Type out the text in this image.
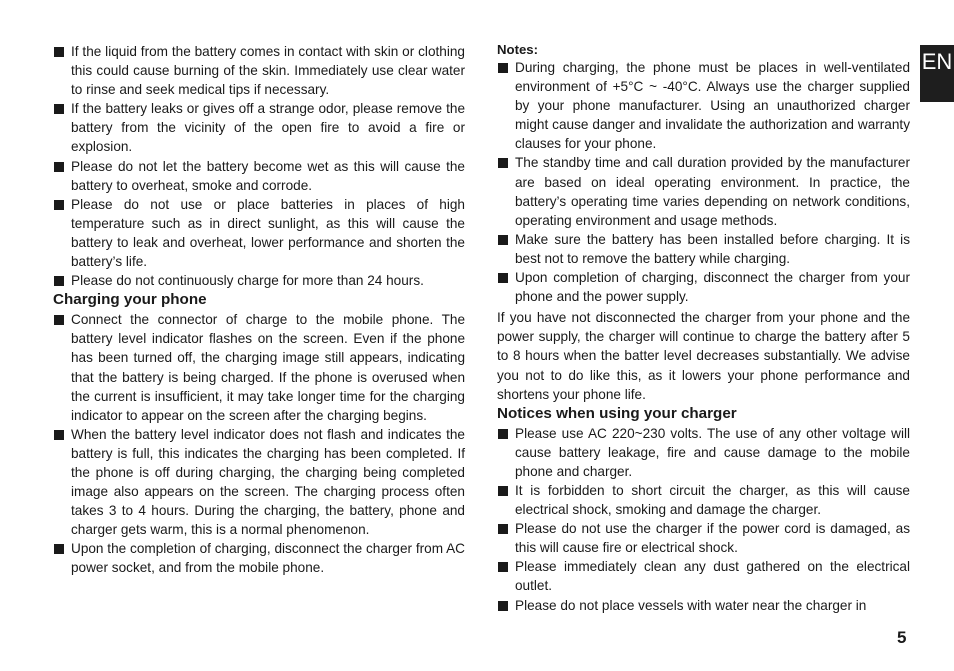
If the liquid from the battery comes in contact with skin or clothing this could cause burning of the skin. Immediately use clear water to rinse and seek medical tips if necessary.
If the battery leaks or gives off a strange odor, please remove the battery from the vicinity of the open fire to avoid a fire or explosion.
Please do not let the battery become wet as this will cause the battery to overheat, smoke and corrode.
Please do not use or place batteries in places of high temperature such as in direct sunlight, as this will cause the battery to leak and overheat, lower performance and shorten the battery’s life.
Please do not continuously charge for more than 24 hours.

Charging your phone

Connect the connector of charge to the mobile phone. The battery level indicator flashes on the screen. Even if the phone has been turned off, the charging image still appears, indicating that the battery is being charged. If the phone is overused when the current is insufficient, it may take longer time for the charging indicator to appear on the screen after the charging begins.
When the battery level indicator does not flash and indicates the battery is full, this indicates the charging has been completed. If the phone is off during charging, the charging being completed image also appears on the screen. The charging process often takes 3 to 4 hours. During the charging, the battery, phone and charger gets warm, this is a normal phenomenon.
Upon the completion of charging, disconnect the charger from AC power socket, and from the mobile phone.

Notes:

During charging, the phone must be places in well-ventilated environment of +5°C ~ -40°C. Always use the charger supplied by your phone manufacturer. Using an unauthorized charger might cause danger and invalidate the authorization and warranty clauses for your phone.
The standby time and call duration provided by the manufacturer are based on ideal operating environment. In practice, the battery’s operating time varies depending on network conditions, operating environment and usage methods.
Make sure the battery has been installed before charging. It is best not to remove the battery while charging.
Upon completion of charging, disconnect the charger from your phone and the power supply.

If you have not disconnected the charger from your phone and the power supply, the charger will continue to charge the battery after 5 to 8 hours when the batter level decreases substantially. We advise you not to do like this, as it lowers your phone performance and shortens your phone life.

Notices when using your charger

Please use AC 220~230 volts. The use of any other voltage will cause battery leakage, fire and cause damage to the mobile phone and charger.
It is forbidden to short circuit the charger, as this will cause electrical shock, smoking and damage the charger.
Please do not use the charger if the power cord is damaged, as this will cause fire or electrical shock.
Please immediately clean any dust gathered on the electrical outlet.
Please do not place vessels with water near the charger in
EN
5
